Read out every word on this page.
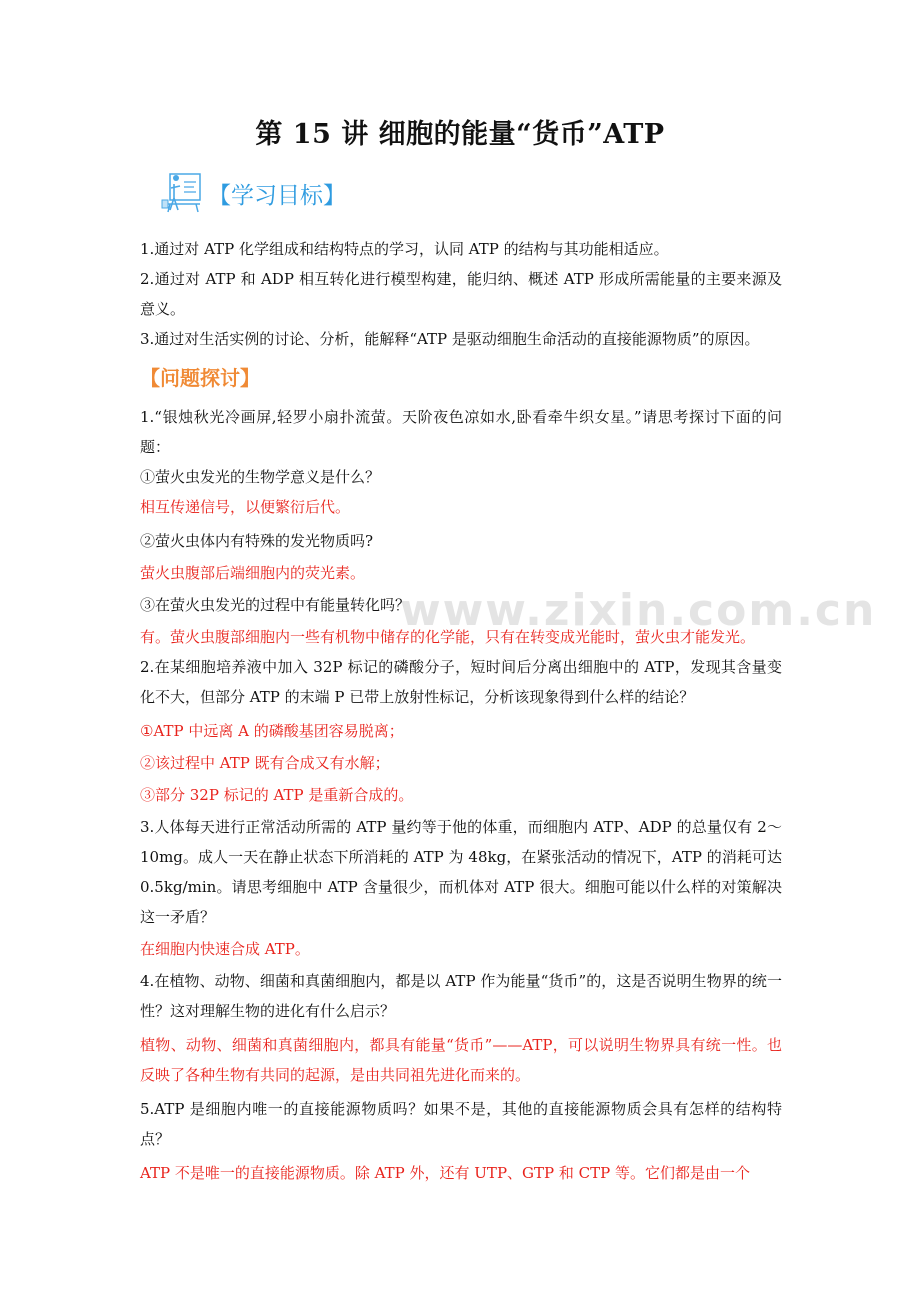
www.zixin.com.cn
第 15 讲 细胞的能量“货币”ATP
【学习目标】
1.通过对 ATP 化学组成和结构特点的学习，认同 ATP 的结构与其功能相适应。
2.通过对 ATP 和 ADP 相互转化进行模型构建，能归纳、概述 ATP 形成所需能量的主要来源及意义。
3.通过对生活实例的讨论、分析，能解释“ATP 是驱动细胞生命活动的直接能源物质”的原因。
【问题探讨】
1.“银烛秋光冷画屏,轻罗小扇扑流萤。天阶夜色凉如水,卧看牵牛织女星。”请思考探讨下面的问题：
①萤火虫发光的生物学意义是什么？
相互传递信号，以便繁衍后代。
②萤火虫体内有特殊的发光物质吗?
萤火虫腹部后端细胞内的荧光素。
③在萤火虫发光的过程中有能量转化吗？
有。萤火虫腹部细胞内一些有机物中储存的化学能，只有在转变成光能时，萤火虫才能发光。
2.在某细胞培养液中加入 32P 标记的磷酸分子，短时间后分离出细胞中的 ATP，发现其含量变化不大，但部分 ATP 的末端 P 已带上放射性标记，分析该现象得到什么样的结论？
①ATP 中远离 A 的磷酸基团容易脱离；
②该过程中 ATP 既有合成又有水解；
③部分 32P 标记的 ATP 是重新合成的。
3.人体每天进行正常活动所需的 ATP 量约等于他的体重，而细胞内 ATP、ADP 的总量仅有 2～10mg。成人一天在静止状态下所消耗的 ATP 为 48kg，在紧张活动的情况下，ATP 的消耗可达 0.5kg/min。请思考细胞中 ATP 含量很少，而机体对 ATP 很大。细胞可能以什么样的对策解决这一矛盾？
在细胞内快速合成 ATP。
4.在植物、动物、细菌和真菌细胞内，都是以 ATP 作为能量“货币”的，这是否说明生物界的统一性？这对理解生物的进化有什么启示？
植物、动物、细菌和真菌细胞内，都具有能量“货币”——ATP，可以说明生物界具有统一性。也反映了各种生物有共同的起源，是由共同祖先进化而来的。
5.ATP 是细胞内唯一的直接能源物质吗？如果不是，其他的直接能源物质会具有怎样的结构特点？
ATP 不是唯一的直接能源物质。除 ATP 外，还有 UTP、GTP 和 CTP 等。它们都是由一个
